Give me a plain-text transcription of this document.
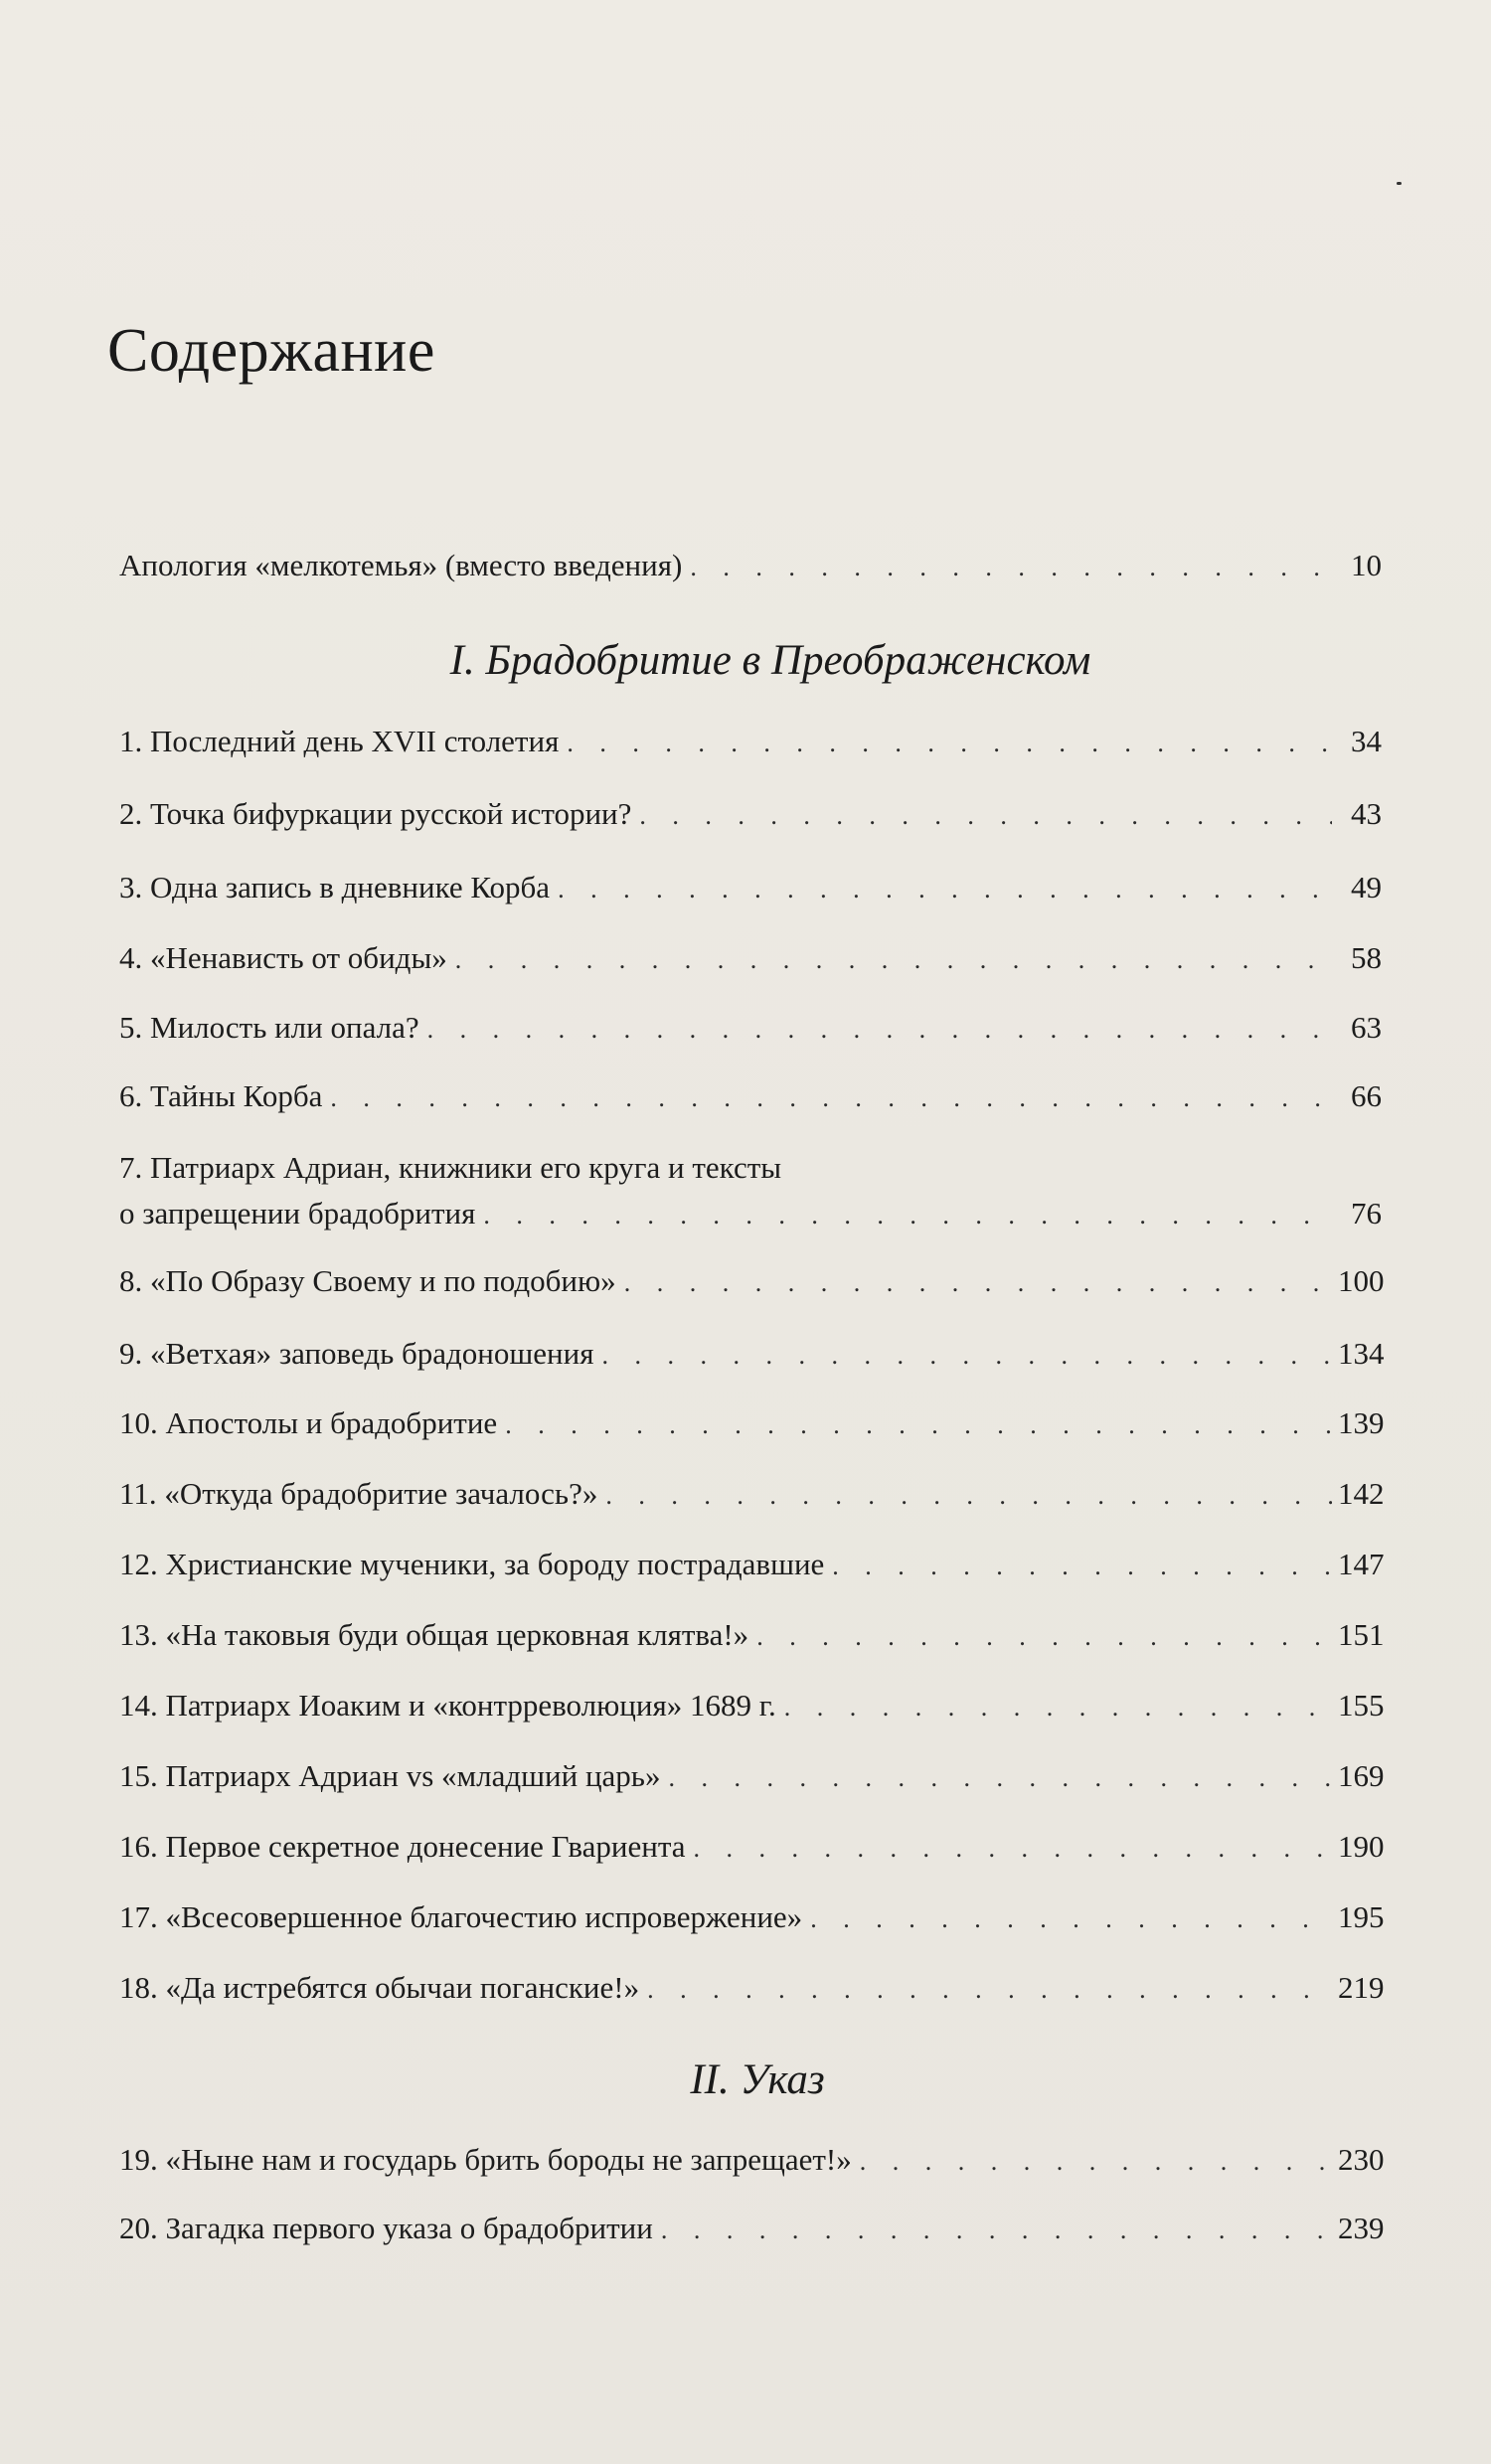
Содержание
Апология «мелкотемья» (вместо введения) . . .	10
I. Брадобритие в Преображенском
1. Последний день XVII столетия . . .	34
2. Точка бифуркации русской истории? . . .	43
3. Одна запись в дневнике Корба . . .	49
4. «Ненависть от обиды» . . .	58
5. Милость или опала? . . .	63
6. Тайны Корба . . .	66
7. Патриарх Адриан, книжники его круга и тексты
о запрещении брадобрития . . .	76
8. «По Образу Своему и по подобию» . . .	100
9. «Ветхая» заповедь брадоношения . . .	134
10. Апостолы и брадобритие . . .	139
11. «Откуда брадобритие зачалось?» . . .	142
12. Христианские мученики, за бороду пострадавшие . . .	147
13. «На таковыя буди общая церковная клятва!» . . .	151
14. Патриарх Иоаким и «контрреволюция» 1689 г. . . .	155
15. Патриарх Адриан vs «младший царь» . . .	169
16. Первое секретное донесение Гвариента . . .	190
17. «Всесовершенное благочестию испровержение» . . .	195
18. «Да истребятся обычаи поганские!» . . .	219
II. Указ
19. «Ныне нам и государь брить бороды не запрещает!» . . .	230
20. Загадка первого указа о брадобритии . . .	239
